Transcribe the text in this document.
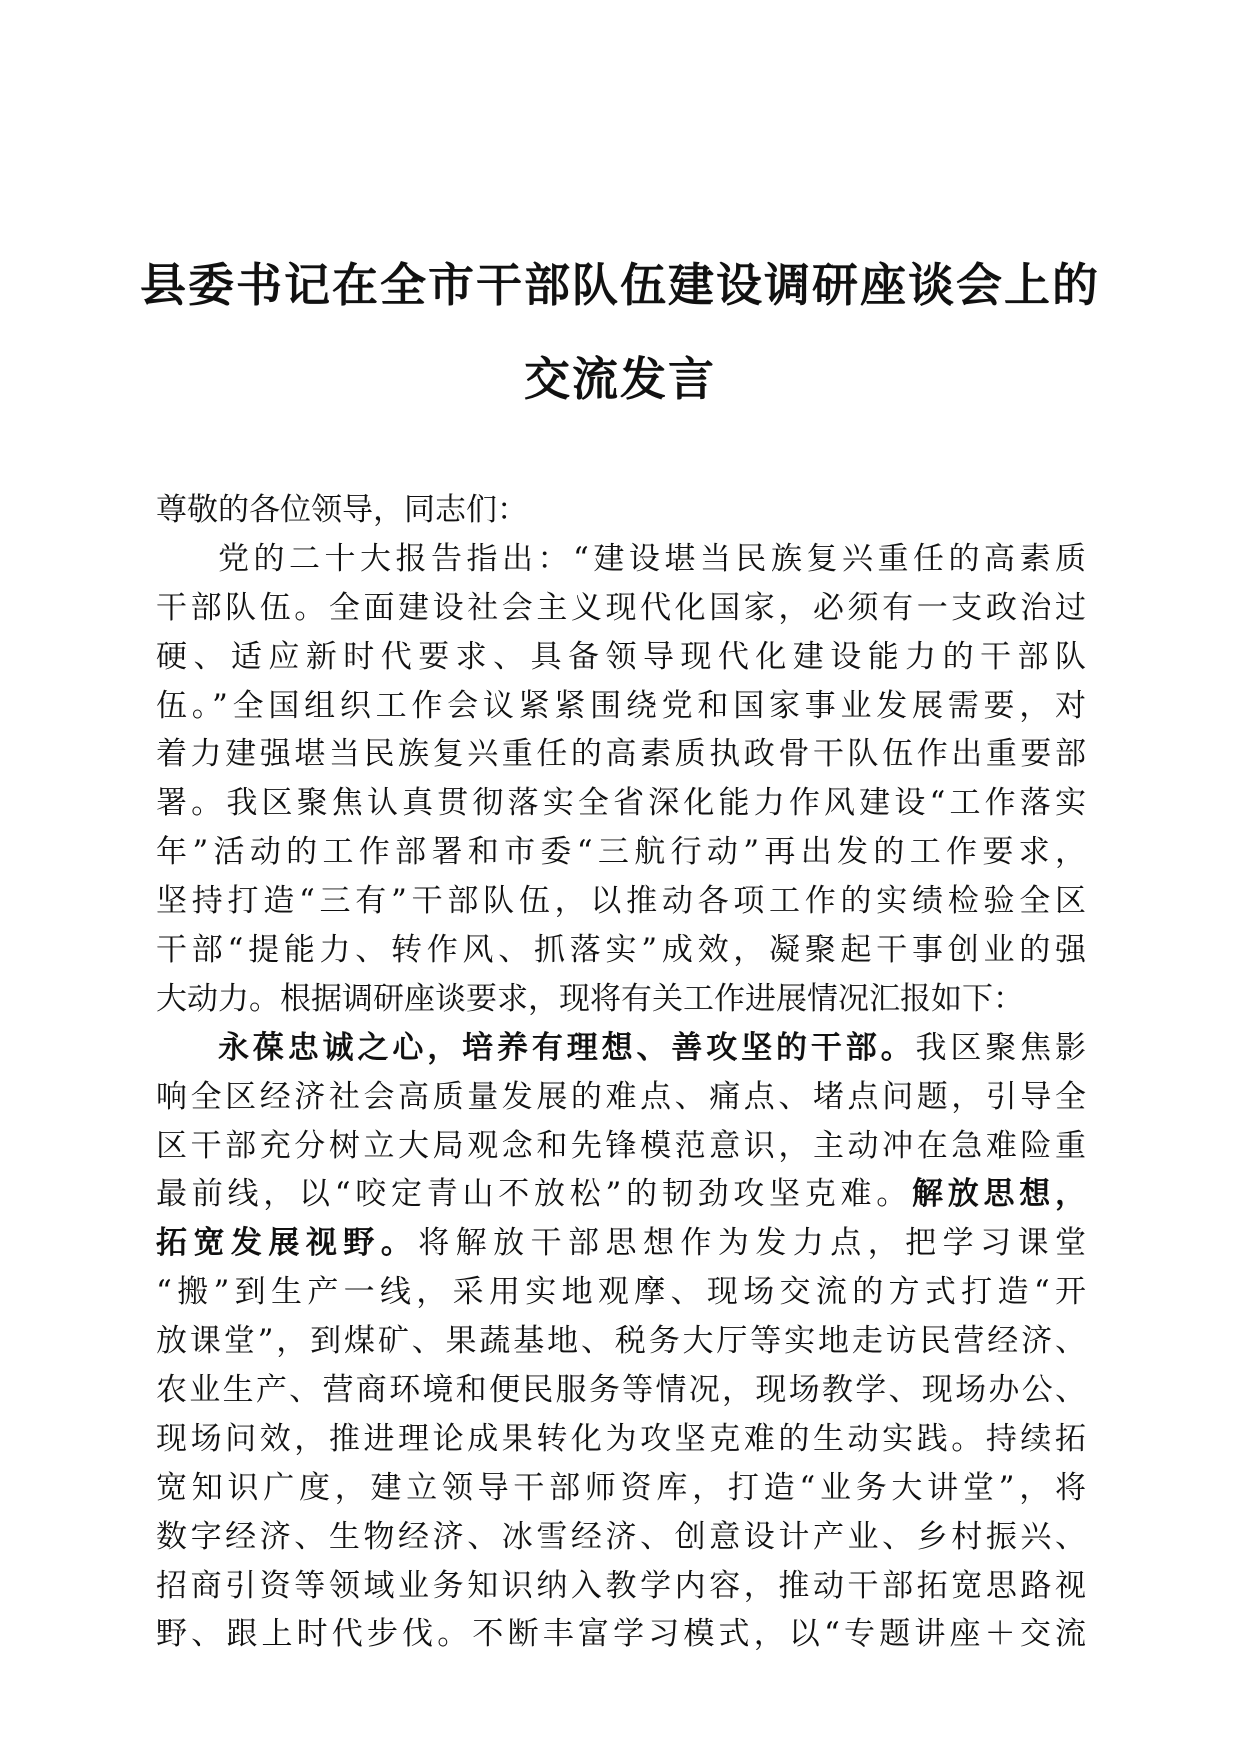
县委书记在全市干部队伍建设调研座谈会上的
交流发言
尊敬的各位领导，同志们：
党的二十大报告指出：“建设堪当民族复兴重任的高素质
干部队伍。全面建设社会主义现代化国家，必须有一支政治过
硬、适应新时代要求、具备领导现代化建设能力的干部队
伍。”全国组织工作会议紧紧围绕党和国家事业发展需要，对
着力建强堪当民族复兴重任的高素质执政骨干队伍作出重要部
署。我区聚焦认真贯彻落实全省深化能力作风建设“工作落实
年”活动的工作部署和市委“三航行动”再出发的工作要求，
坚持打造“三有”干部队伍，以推动各项工作的实绩检验全区
干部“提能力、转作风、抓落实”成效，凝聚起干事创业的强
大动力。根据调研座谈要求，现将有关工作进展情况汇报如下：
永葆忠诚之心，培养有理想、善攻坚的干部。我区聚焦影
响全区经济社会高质量发展的难点、痛点、堵点问题，引导全
区干部充分树立大局观念和先锋模范意识，主动冲在急难险重
最前线，以“咬定青山不放松”的韧劲攻坚克难。解放思想，
拓宽发展视野。将解放干部思想作为发力点，把学习课堂
“搬”到生产一线，采用实地观摩、现场交流的方式打造“开
放课堂”，到煤矿、果蔬基地、税务大厅等实地走访民营经济、
农业生产、营商环境和便民服务等情况，现场教学、现场办公、
现场问效，推进理论成果转化为攻坚克难的生动实践。持续拓
宽知识广度，建立领导干部师资库，打造“业务大讲堂”，将
数字经济、生物经济、冰雪经济、创意设计产业、乡村振兴、
招商引资等领域业务知识纳入教学内容，推动干部拓宽思路视
野、跟上时代步伐。不断丰富学习模式，以“专题讲座＋交流
